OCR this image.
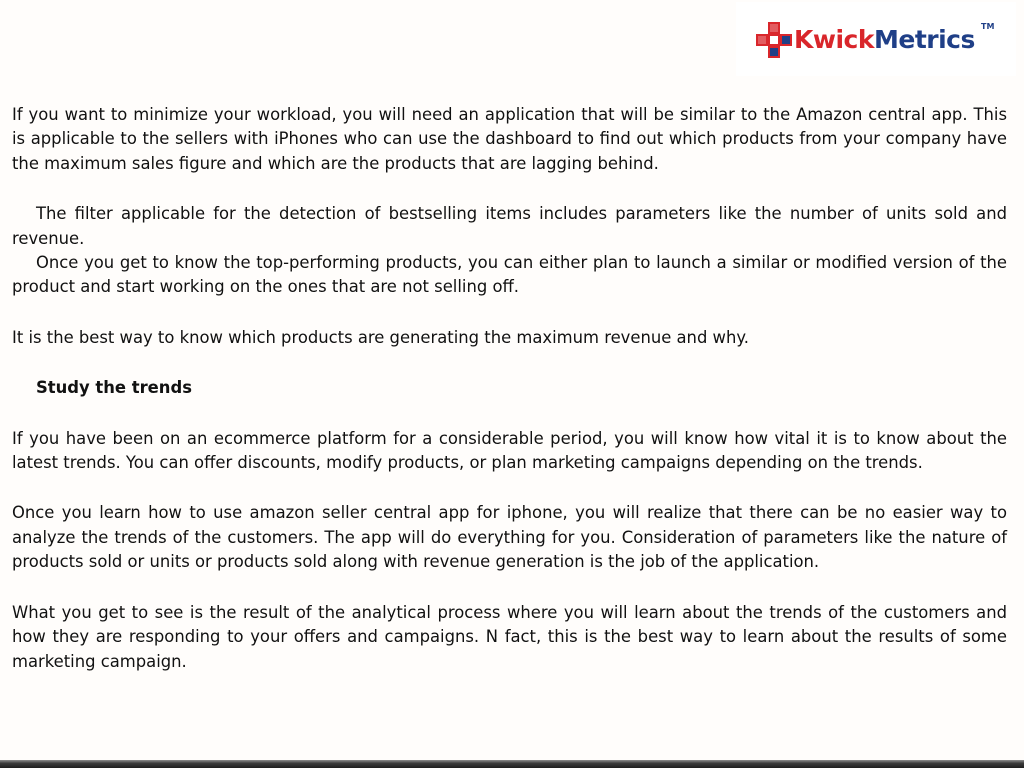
KwickMetrics TM

If you want to minimize your workload, you will need an application that will be similar to the Amazon central app. This is applicable to the sellers with iPhones who can use the dashboard to find out which products from your company have the maximum sales figure and which are the products that are lagging behind.

The filter applicable for the detection of bestselling items includes parameters like the number of units sold and revenue.

Once you get to know the top-performing products, you can either plan to launch a similar or modified version of the product and start working on the ones that are not selling off.

It is the best way to know which products are generating the maximum revenue and why.

Study the trends

If you have been on an ecommerce platform for a considerable period, you will know how vital it is to know about the latest trends. You can offer discounts, modify products, or plan marketing campaigns depending on the trends.

Once you learn how to use amazon seller central app for iphone, you will realize that there can be no easier way to analyze the trends of the customers. The app will do everything for you. Consideration of parameters like the nature of products sold or units or products sold along with revenue generation is the job of the application.

What you get to see is the result of the analytical process where you will learn about the trends of the customers and how they are responding to your offers and campaigns. N fact, this is the best way to learn about the results of some marketing campaign.
